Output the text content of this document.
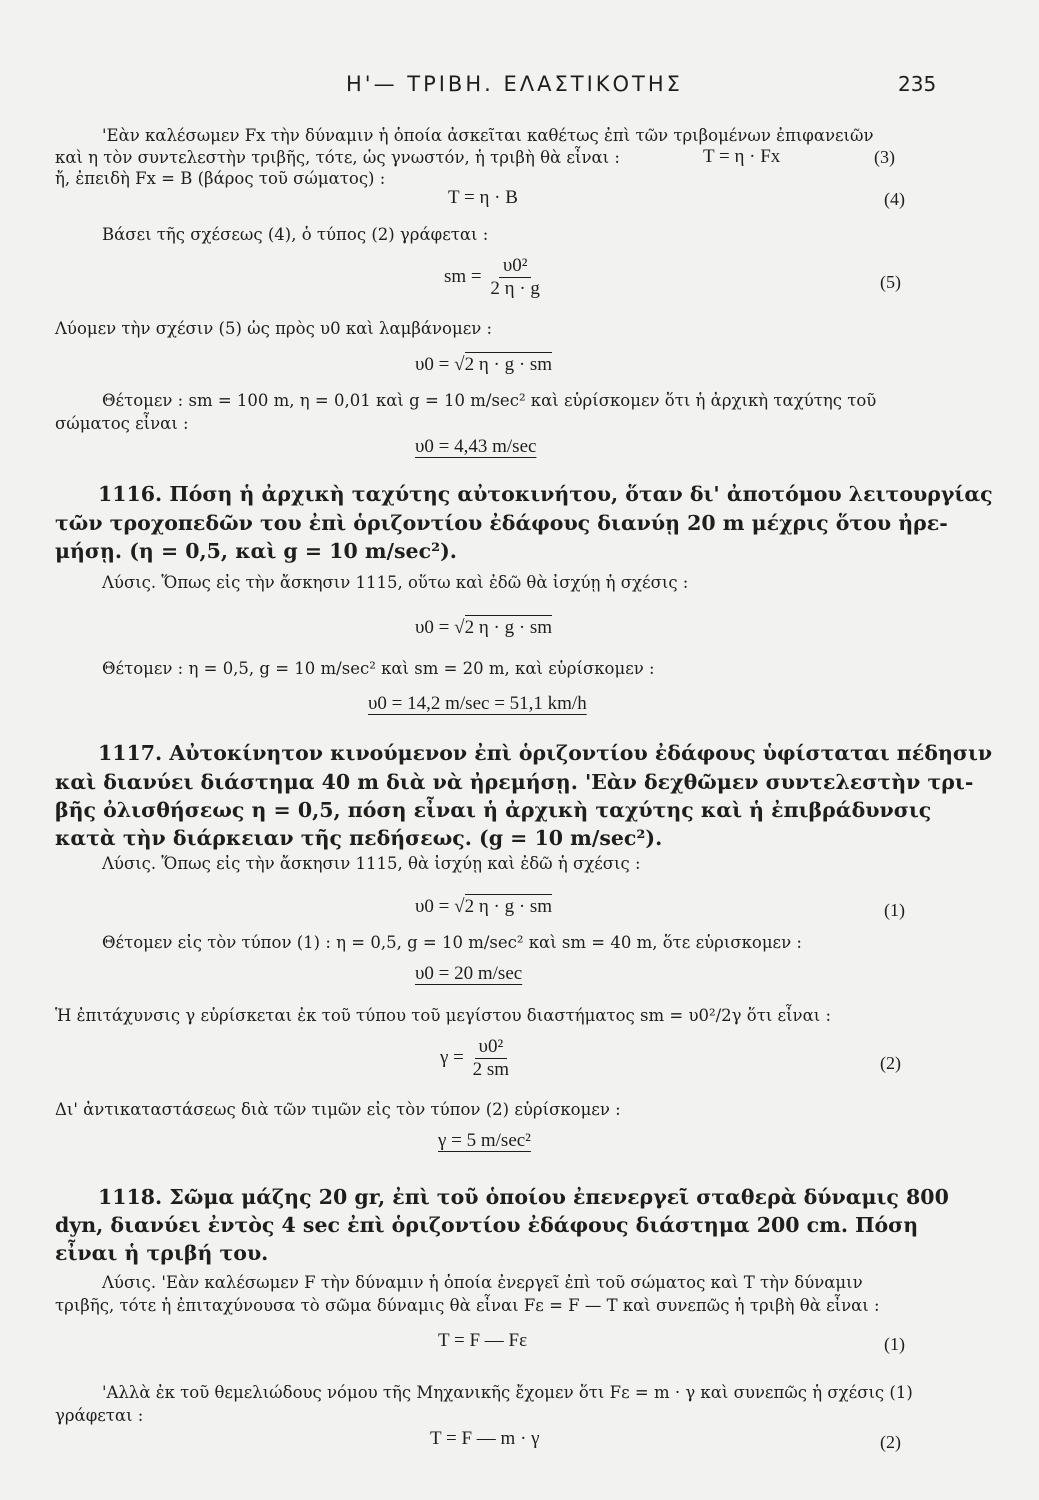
Η'— ΤΡΙΒΗ. ΕΛΑΣΤΙΚΟΤΗΣ	235
'Εὰν καλέσωμεν Fx τὴν δύναμιν ἡ ὁποία ἀσκεῖται καθέτως ἐπὶ τῶν τριβομένων ἐπιφανειῶν
καὶ η τὸν συντελεστὴν τριβῆς, τότε, ὡς γνωστόν, ἡ τριβὴ θὰ εἶναι :	T = η · Fx	(3)
ἤ, ἐπειδὴ Fx = B (βάρος τοῦ σώματος) :
T = η · B	(4)
Βάσει τῆς σχέσεως (4), ὁ τύπος (2) γράφεται :
sm = $\frac{\text{υ0²}}{2 \eta \cdot g}$	(5)
Λύομεν τὴν σχέσιν (5) ὡς πρὸς υ0 καὶ λαμβάνομεν :
υ0 = √2 η · g · sm
Θέτομεν : sm = 100 m, η = 0,01 καὶ g = 10 m/sec² καὶ εὑρίσκομεν ὅτι ἡ ἀρχικὴ ταχύτης τοῦ
σώματος εἶναι :
υ0 = 4,43 m/sec
1116. Πόση ἡ ἀρχικὴ ταχύτης αὐτοκινήτου, ὅταν δι' ἀποτόμου λειτουργίας
τῶν τροχοπεδῶν του ἐπὶ ὁριζοντίου ἐδάφους διανύῃ 20 m μέχρις ὅτου ἠρε-
μήσῃ. (η = 0,5, καὶ g = 10 m/sec²).
Λύσις. Ὅπως εἰς τὴν ἄσκησιν 1115, οὕτω καὶ ἐδῶ θὰ ἰσχύῃ ἡ σχέσις :
υ0 = √2 η · g · sm
Θέτομεν : η = 0,5, g = 10 m/sec² καὶ sm = 20 m, καὶ εὑρίσκομεν :
υ0 = 14,2 m/sec = 51,1 km/h
1117. Αὐτοκίνητον κινούμενον ἐπὶ ὁριζοντίου ἐδάφους ὑφίσταται πέδησιν
καὶ διανύει διάστημα 40 m διὰ νὰ ἠρεμήσῃ. 'Εὰν δεχθῶμεν συντελεστὴν τρι-
βῆς ὀλισθήσεως η = 0,5, πόση εἶναι ἡ ἀρχικὴ ταχύτης καὶ ἡ ἐπιβράδυνσις
κατὰ τὴν διάρκειαν τῆς πεδήσεως. (g = 10 m/sec²).
Λύσις. Ὅπως εἰς τὴν ἄσκησιν 1115, θὰ ἰσχύῃ καὶ ἐδῶ ἡ σχέσις :
υ0 = √2 η · g · sm	(1)
Θέτομεν εἰς τὸν τύπον (1) : η = 0,5, g = 10 m/sec² καὶ sm = 40 m, ὅτε εὑρισκομεν :
υ0 = 20 m/sec
Ἡ ἐπιτάχυνσις γ εὑρίσκεται ἐκ τοῦ τύπου τοῦ μεγίστου διαστήματος sm = υ0²/2γ ὅτι εἶναι :
$\gamma = \frac{\text{υ0²}}{2 sm}$	(2)
Δι' ἀντικαταστάσεως διὰ τῶν τιμῶν εἰς τὸν τύπον (2) εὑρίσκομεν :
γ = 5 m/sec²
1118. Σῶμα μάζης 20 gr, ἐπὶ τοῦ ὁποίου ἐπενεργεῖ σταθερὰ δύναμις 800
dyn, διανύει ἐντὸς 4 sec ἐπὶ ὁριζοντίου ἐδάφους διάστημα 200 cm. Πόση
εἶναι ἡ τριβή του.
Λύσις. 'Εὰν καλέσωμεν F τὴν δύναμιν ἡ ὁποία ἐνεργεῖ ἐπὶ τοῦ σώματος καὶ T τὴν δύναμιν
τριβῆς, τότε ἡ ἐπιταχύνουσα τὸ σῶμα δύναμις θὰ εἶναι Fε = F — T καὶ συνεπῶς ἡ τριβὴ θὰ εἶναι :
T = F — Fε	(1)
'Αλλὰ ἐκ τοῦ θεμελιώδους νόμου τῆς Μηχανικῆς ἔχομεν ὅτι Fε = m · γ καὶ συνεπῶς ἡ σχέσις (1)
γράφεται :
T = F — m · γ	(2)
